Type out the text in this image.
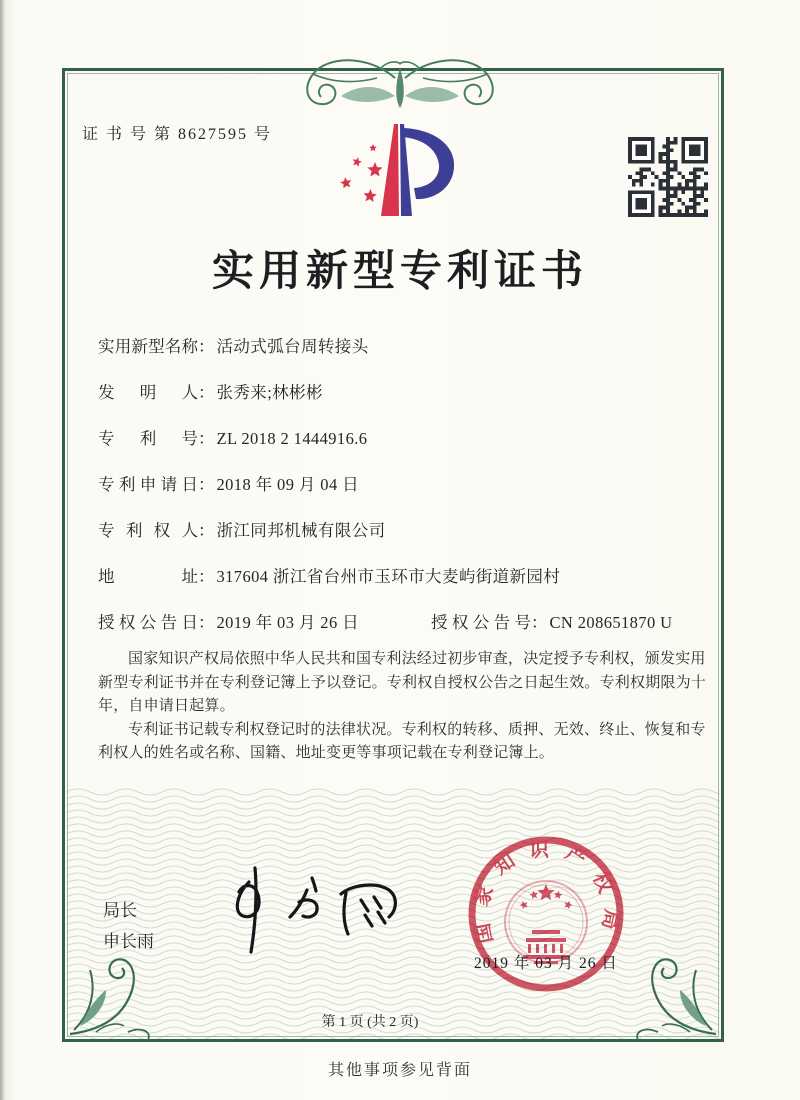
证 书 号 第 8627595 号
实用新型专利证书
实用新型名称： 活动式弧台周转接头
发明人： 张秀来;林彬彬
专利号： ZL 2018 2 1444916.6
专利申请日： 2018 年 09 月 04 日
专利权人： 浙江同邦机械有限公司
地址： 317604 浙江省台州市玉环市大麦屿街道新园村
授权公告日： 2019 年 03 月 26 日	授权公告号： CN 208651870 U

国家知识产权局依照中华人民共和国专利法经过初步审查，决定授予专利权，颁发实用新型专利证书并在专利登记簿上予以登记。专利权自授权公告之日起生效。专利权期限为十年，自申请日起算。

专利证书记载专利权登记时的法律状况。专利权的转移、质押、无效、终止、恢复和专利权人的姓名或名称、国籍、地址变更等事项记载在专利登记簿上。

局长
申长雨	国家知识产权局
2019 年 03 月 26 日
第 1 页 (共 2 页)
其他事项参见背面
